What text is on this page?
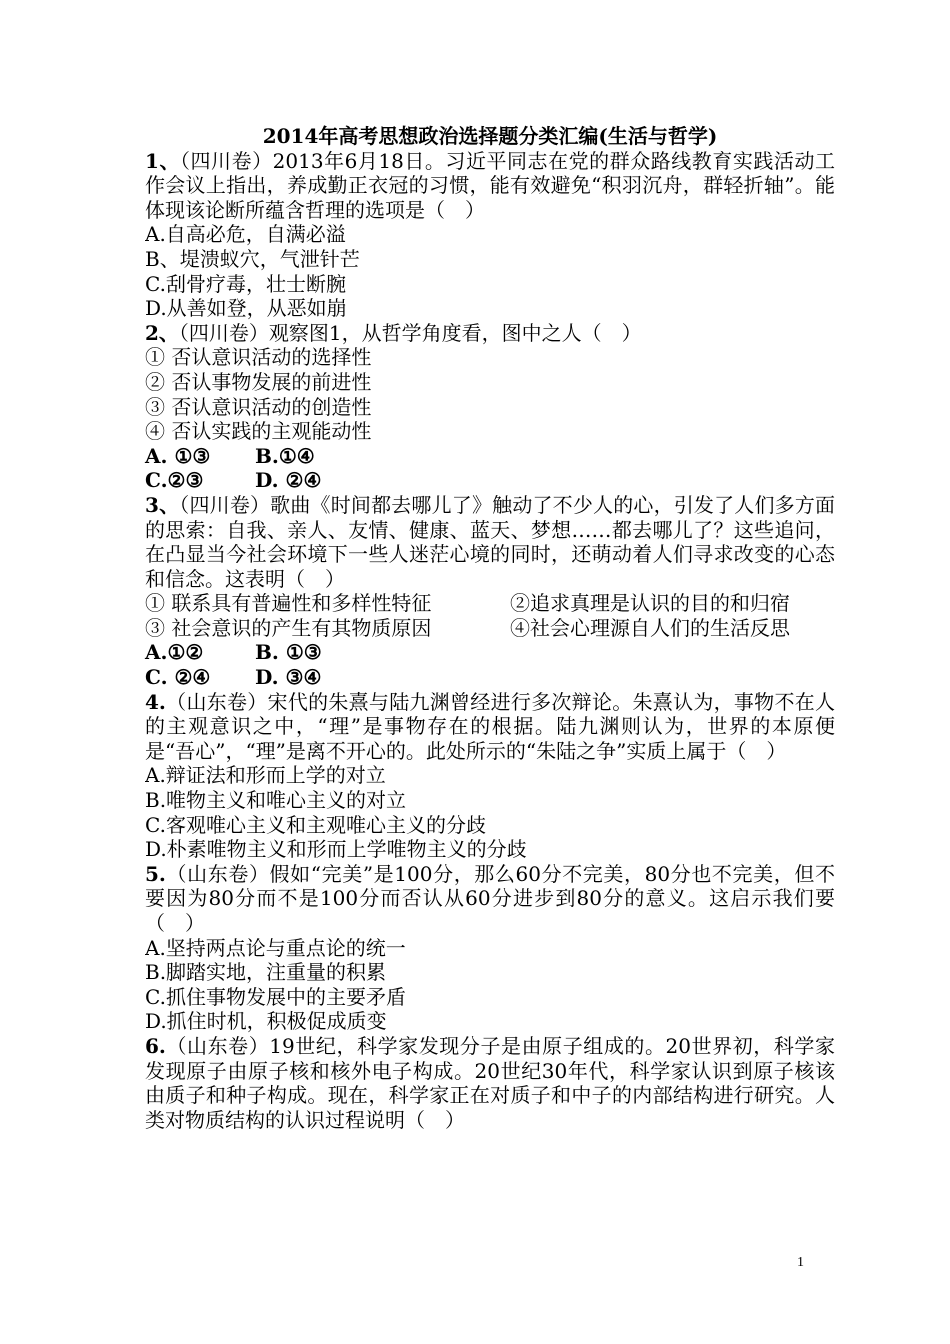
2014年高考思想政治选择题分类汇编(生活与哲学)

1、（四川卷）2013年6月18日。习近平同志在党的群众路线教育实践活动工作会议上指出，养成勤正衣冠的习惯，能有效避免“积羽沉舟，群轻折轴”。能体现该论断所蕴含哲理的选项是（　）

A.自高必危，自满必溢

B、堤溃蚁穴，气泄针芒

C.刮骨疗毒，壮士断腕

D.从善如登，从恶如崩

2、（四川卷）观察图1，从哲学角度看，图中之人（　）

① 否认意识活动的选择性

② 否认事物发展的前进性

③ 否认意识活动的创造性

④ 否认实践的主观能动性

A. ①③	B.①④

C.②③	D. ②④

3、（四川卷）歌曲《时间都去哪儿了》触动了不少人的心，引发了人们多方面的思索：自我、亲人、友情、健康、蓝天、梦想……都去哪儿了？这些追问，在凸显当今社会环境下一些人迷茫心境的同时，还萌动着人们寻求改变的心态和信念。这表明（　）

① 联系具有普遍性和多样性特征	②追求真理是认识的目的和归宿

③ 社会意识的产生有其物质原因	④社会心理源自人们的生活反思

A.①②	B. ①③

C. ②④	D. ③④

4.（山东卷）宋代的朱熹与陆九渊曾经进行多次辩论。朱熹认为，事物不在人的主观意识之中，“理”是事物存在的根据。陆九渊则认为，世界的本原便是“吾心”，“理”是离不开心的。此处所示的“朱陆之争”实质上属于（　）

A.辩证法和形而上学的对立

B.唯物主义和唯心主义的对立

C.客观唯心主义和主观唯心主义的分歧

D.朴素唯物主义和形而上学唯物主义的分歧

5.（山东卷）假如“完美”是100分，那么60分不完美，80分也不完美，但不要因为80分而不是100分而否认从60分进步到80分的意义。这启示我们要（　）

A.坚持两点论与重点论的统一

B.脚踏实地，注重量的积累

C.抓住事物发展中的主要矛盾

D.抓住时机，积极促成质变

6.（山东卷）19世纪，科学家发现分子是由原子组成的。20世界初，科学家发现原子由原子核和核外电子构成。20世纪30年代，科学家认识到原子核该由质子和种子构成。现在，科学家正在对质子和中子的内部结构进行研究。人类对物质结构的认识过程说明（　）

1
